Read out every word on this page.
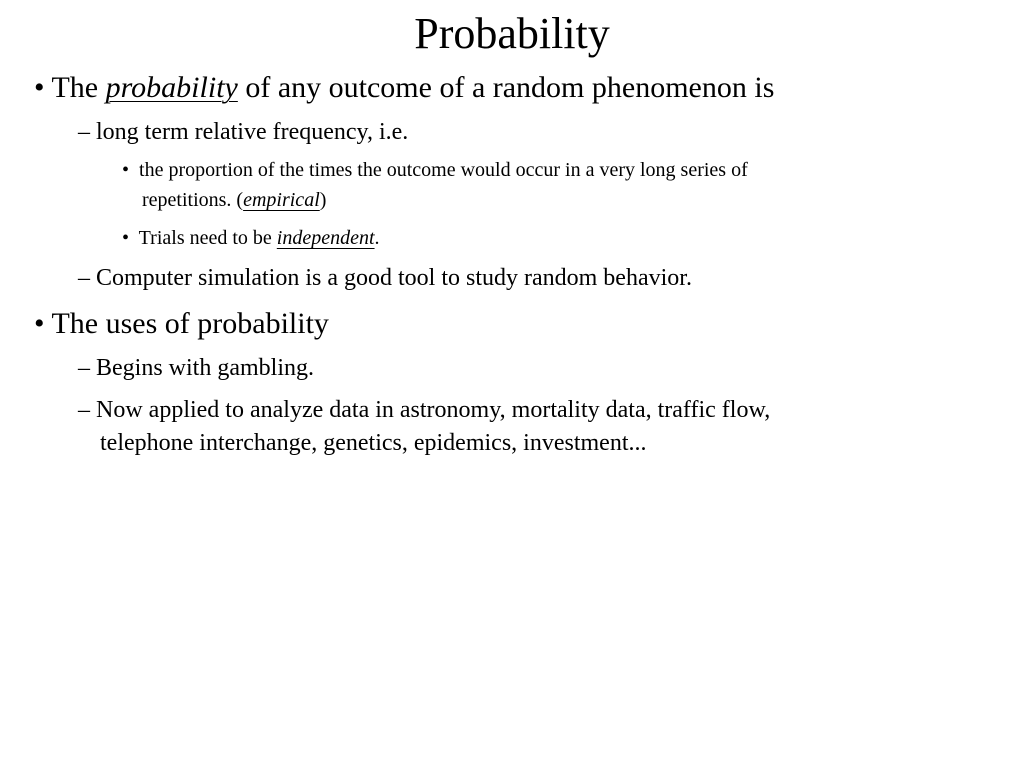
Probability
• The probability of any outcome of a random phenomenon is
– long term relative frequency, i.e.
• the proportion of the times the outcome would occur in a very long series of
repetitions. (empirical)
• Trials need to be independent.
– Computer simulation is a good tool to study random behavior.
• The uses of probability
– Begins with gambling.
– Now applied to analyze data in astronomy, mortality data, traffic flow,
telephone interchange, genetics, epidemics, investment...
